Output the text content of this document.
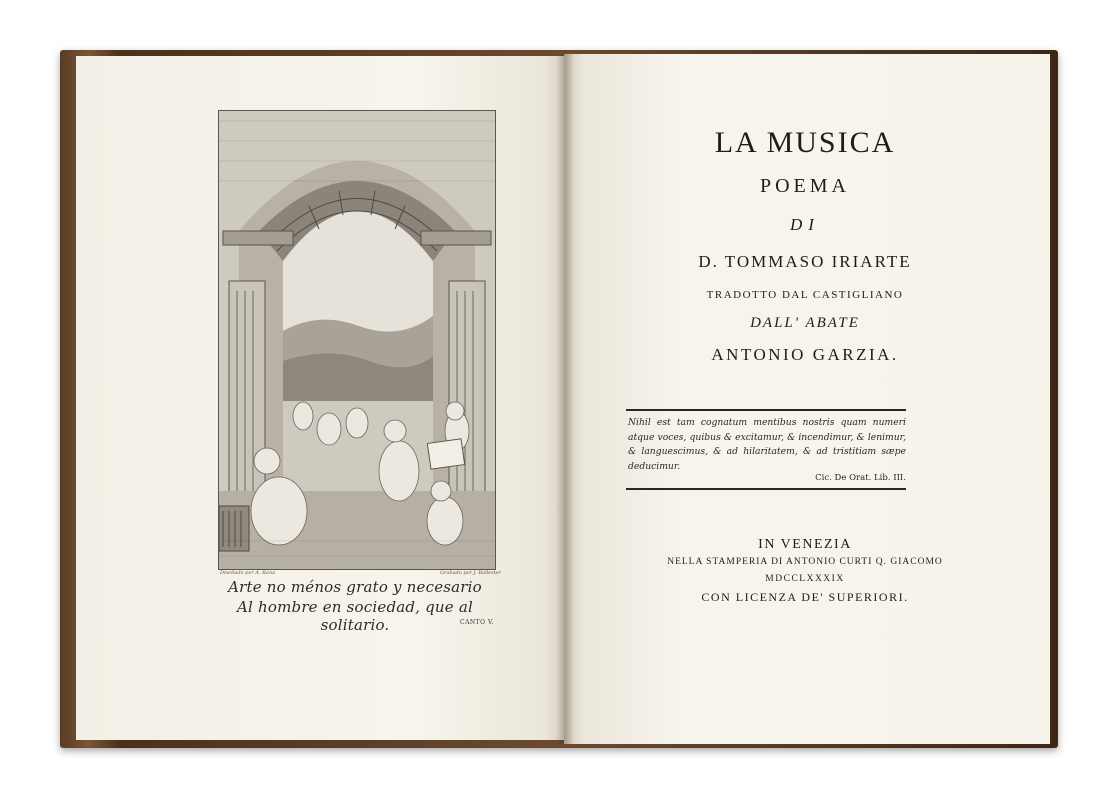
Diseñado por A. Rana	Grabado por J. Ballester
Arte no ménos grato y necesario
Al hombre en sociedad, que al solitario.	CANTO V.
LA MUSICA
POEMA
DI
D. TOMMASO IRIARTE
TRADOTTO DAL CASTIGLIANO
DALL' ABATE
ANTONIO GARZIA.
Nihil est tam cognatum mentibus nostris quam numeri atque voces, quibus & excitamur, & incendimur, & lenimur, & languescimus, & ad hilaritatem, & ad tristitiam sæpe deducimur.
Cic. De Orat. Lib. III.
IN VENEZIA
NELLA STAMPERIA DI ANTONIO CURTI Q. GIACOMO
MDCCLXXXIX
CON LICENZA DE' SUPERIORI.
